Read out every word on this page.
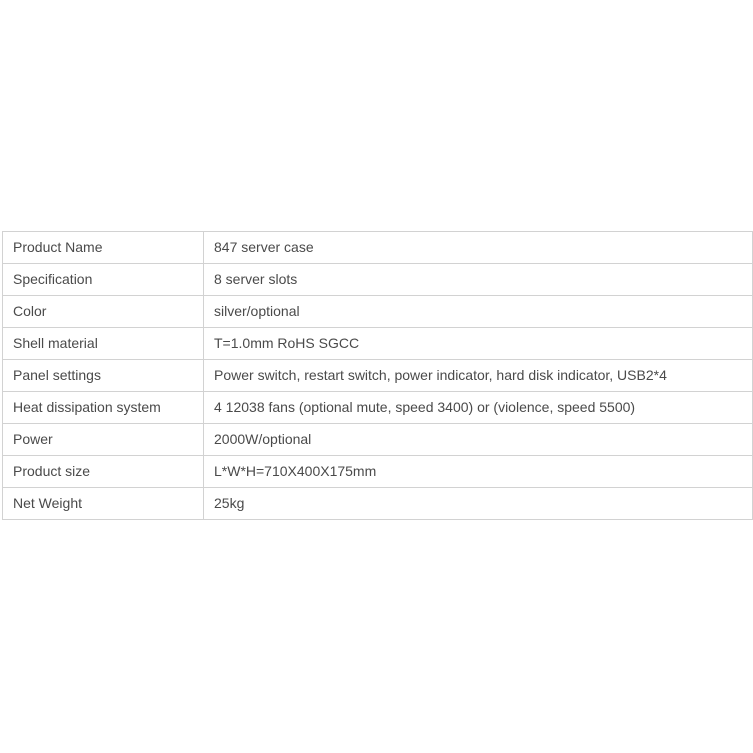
Product Name	847 server case
Specification	8 server slots
Color	silver/optional
Shell material	T=1.0mm RoHS SGCC
Panel settings	Power switch, restart switch, power indicator, hard disk indicator, USB2*4
Heat dissipation system	4 12038 fans (optional mute, speed 3400) or (violence, speed 5500)
Power	2000W/optional
Product size	L*W*H=710X400X175mm
Net Weight	25kg
